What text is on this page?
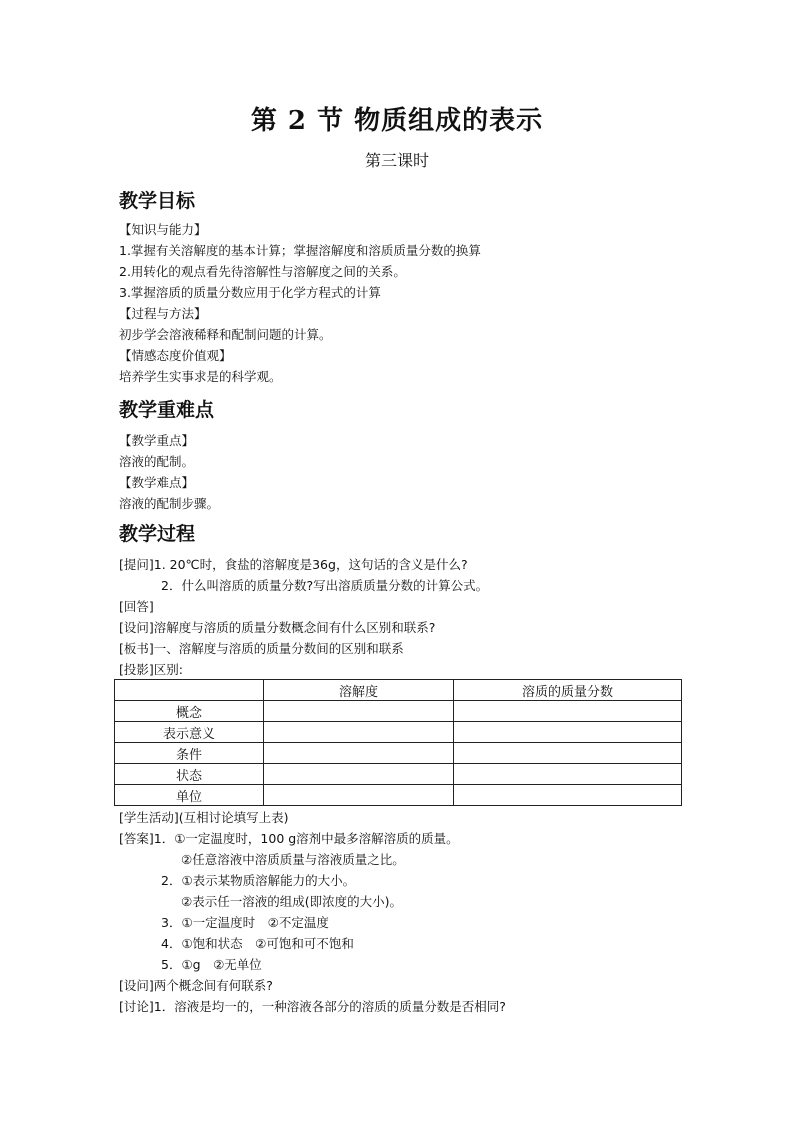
第 2 节 物质组成的表示
第三课时
教学目标
【知识与能力】
1.掌握有关溶解度的基本计算；掌握溶解度和溶质质量分数的换算
2.用转化的观点看先待溶解性与溶解度之间的关系。
3.掌握溶质的质量分数应用于化学方程式的计算
【过程与方法】
初步学会溶液稀释和配制问题的计算。
【情感态度价值观】
培养学生实事求是的科学观。
教学重难点
【教学重点】
溶液的配制。
【教学难点】
溶液的配制步骤。
教学过程
[提问]1. 20℃时，食盐的溶解度是36g，这句话的含义是什么?
2．什么叫溶质的质量分数?写出溶质质量分数的计算公式。
[回答]
[设问]溶解度与溶质的质量分数概念间有什么区别和联系?
[板书]一、溶解度与溶质的质量分数间的区别和联系
[投影]区别:
	溶解度	溶质的质量分数
概念		
表示意义		
条件		
状态		
单位		
[学生活动](互相讨论填写上表)
[答案]1．①一定温度时，100 g溶剂中最多溶解溶质的质量。
②任意溶液中溶质质量与溶液质量之比。
2．①表示某物质溶解能力的大小。
②表示任一溶液的组成(即浓度的大小)。
3．①一定温度时　②不定温度
4．①饱和状态　②可饱和可不饱和
5．①g　②无单位
[设问]两个概念间有何联系?
[讨论]1．溶液是均一的，一种溶液各部分的溶质的质量分数是否相同?
